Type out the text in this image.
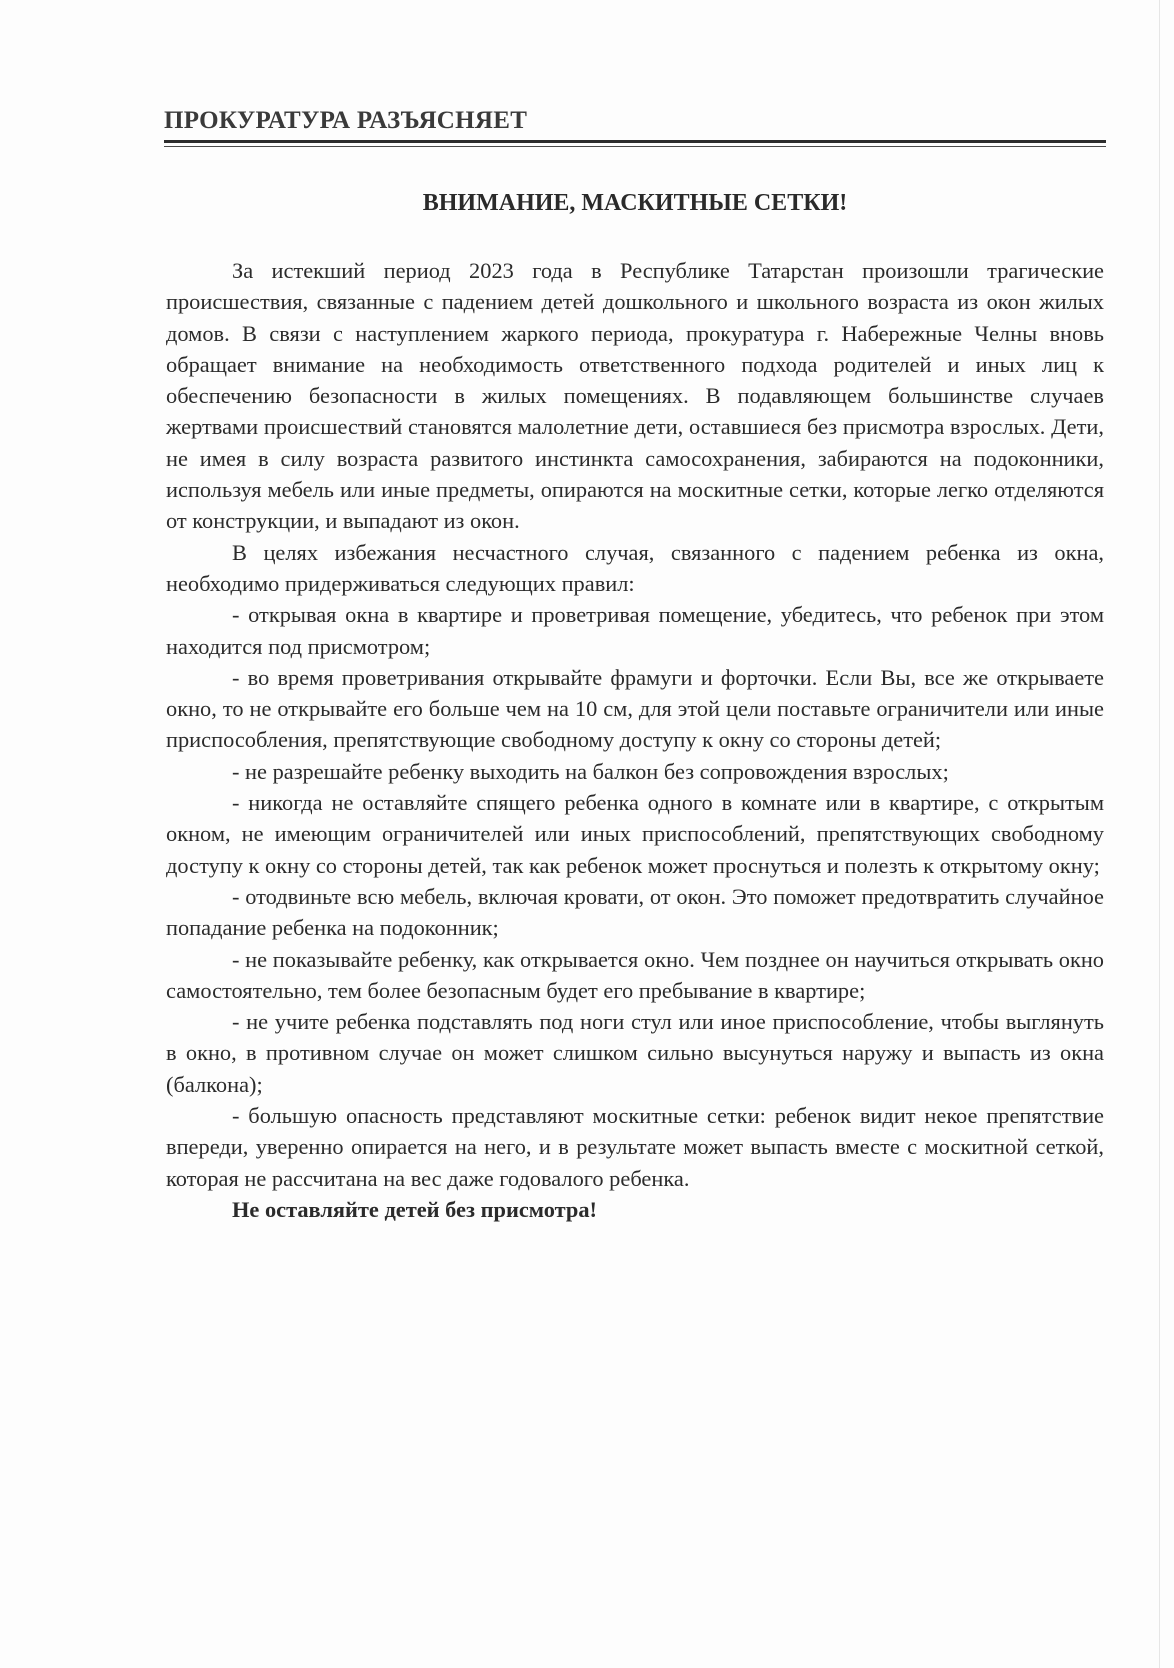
ПРОКУРАТУРА РАЗЪЯСНЯЕТ
ВНИМАНИЕ, МАСКИТНЫЕ СЕТКИ!

За истекший период 2023 года в Республике Татарстан произошли трагические происшествия, связанные с падением детей дошкольного и школьного возраста из окон жилых домов. В связи с наступлением жаркого периода, прокуратура г. Набережные Челны вновь обращает внимание на необходимость ответственного подхода родителей и иных лиц к обеспечению безопасности в жилых помещениях. В подавляющем большинстве случаев жертвами происшествий становятся малолетние дети, оставшиеся без присмотра взрослых. Дети, не имея в силу возраста развитого инстинкта самосохранения, забираются на подоконники, используя мебель или иные предметы, опираются на москитные сетки, которые легко отделяются от конструкции, и выпадают из окон.

В целях избежания несчастного случая, связанного с падением ребенка из окна, необходимо придерживаться следующих правил:

- открывая окна в квартире и проветривая помещение, убедитесь, что ребенок при этом находится под присмотром;

- во время проветривания открывайте фрамуги и форточки. Если Вы, все же открываете окно, то не открывайте его больше чем на 10 см, для этой цели поставьте ограничители или иные приспособления, препятствующие свободному доступу к окну со стороны детей;

- не разрешайте ребенку выходить на балкон без сопровождения взрослых;

- никогда не оставляйте спящего ребенка одного в комнате или в квартире, с открытым окном, не имеющим ограничителей или иных приспособлений, препятствующих свободному доступу к окну со стороны детей, так как ребенок может проснуться и полезть к открытому окну;

- отодвиньте всю мебель, включая кровати, от окон. Это поможет предотвратить случайное попадание ребенка на подоконник;

- не показывайте ребенку, как открывается окно. Чем позднее он научиться открывать окно самостоятельно, тем более безопасным будет его пребывание в квартире;

- не учите ребенка подставлять под ноги стул или иное приспособление, чтобы выглянуть в окно, в противном случае он может слишком сильно высунуться наружу и выпасть из окна (балкона);

- большую опасность представляют москитные сетки: ребенок видит некое препятствие впереди, уверенно опирается на него, и в результате может выпасть вместе с москитной сеткой, которая не рассчитана на вес даже годовалого ребенка.

Не оставляйте детей без присмотра!
